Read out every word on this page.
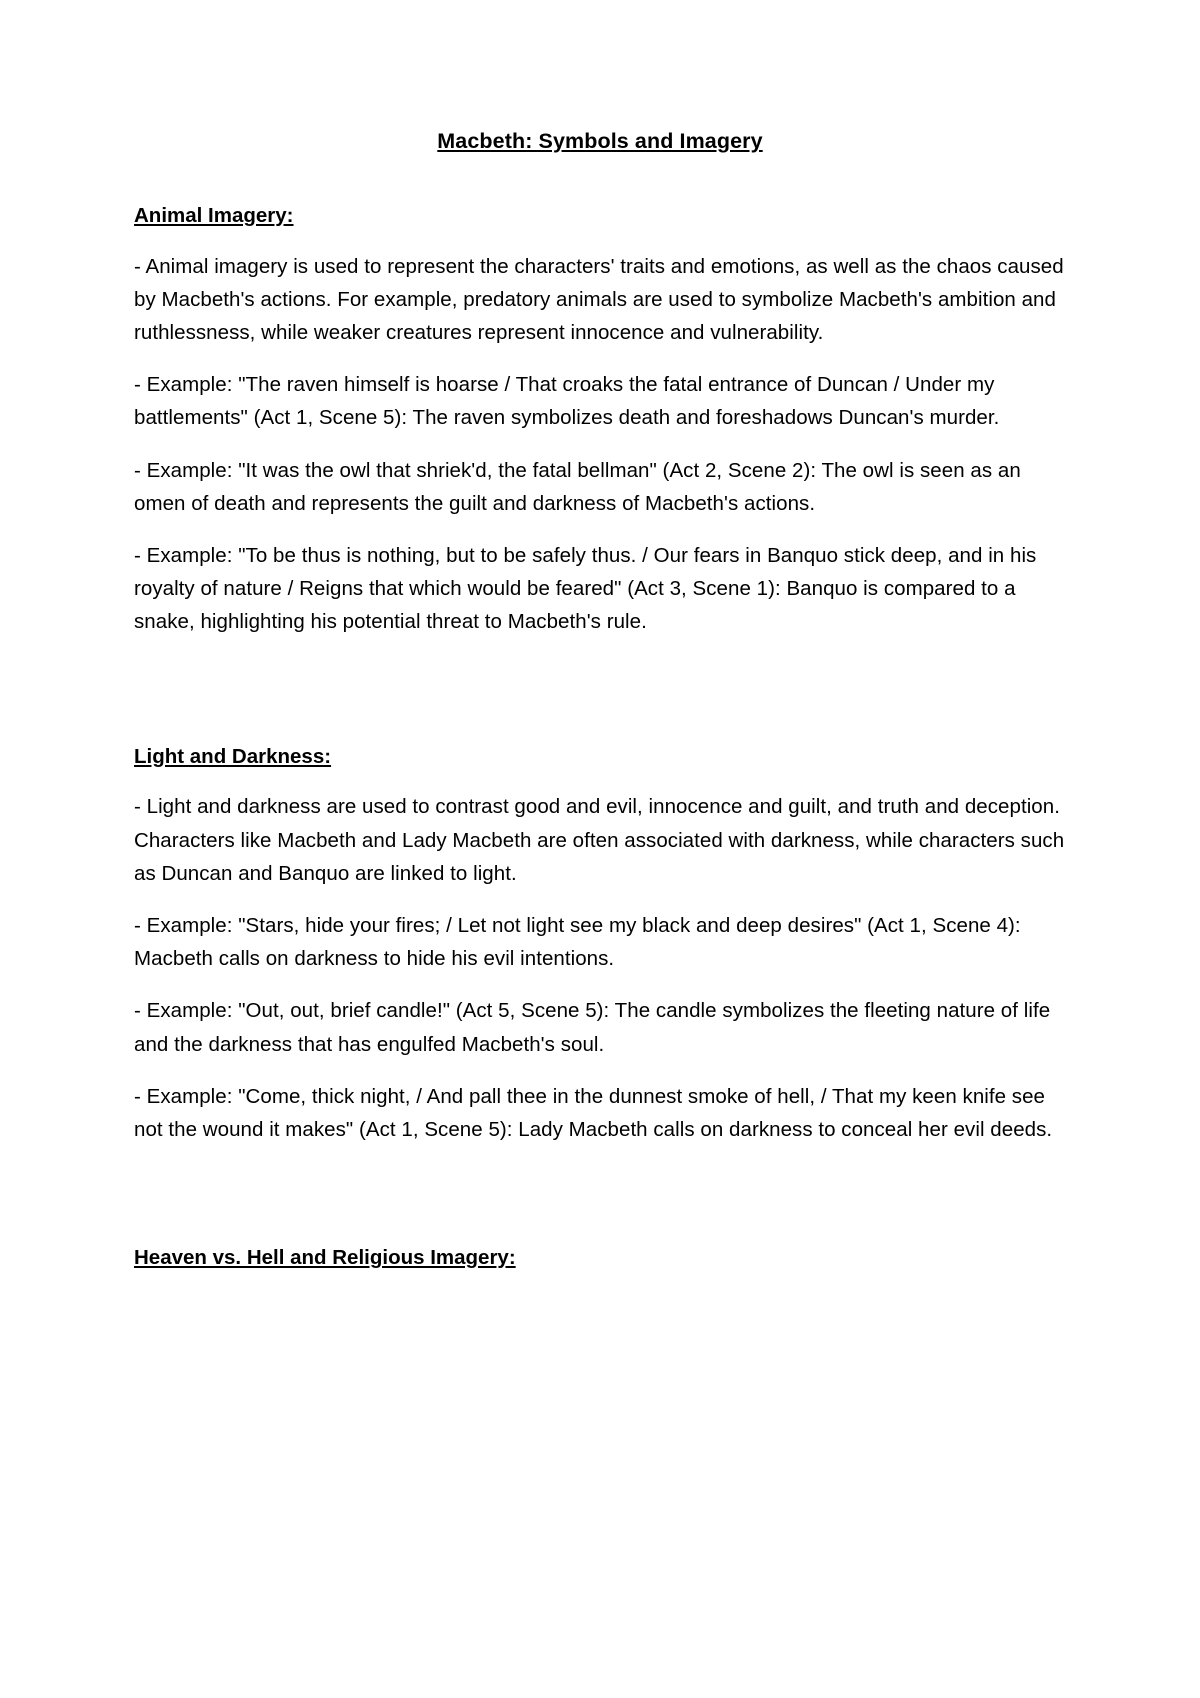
Macbeth: Symbols and Imagery
Animal Imagery:

- Animal imagery is used to represent the characters' traits and emotions, as well as the chaos caused by Macbeth's actions. For example, predatory animals are used to symbolize Macbeth's ambition and ruthlessness, while weaker creatures represent innocence and vulnerability.

- Example: "The raven himself is hoarse / That croaks the fatal entrance of Duncan / Under my battlements" (Act 1, Scene 5): The raven symbolizes death and foreshadows Duncan's murder.

- Example: "It was the owl that shriek'd, the fatal bellman" (Act 2, Scene 2): The owl is seen as an omen of death and represents the guilt and darkness of Macbeth's actions.

- Example: "To be thus is nothing, but to be safely thus. / Our fears in Banquo stick deep, and in his royalty of nature / Reigns that which would be feared" (Act 3, Scene 1): Banquo is compared to a snake, highlighting his potential threat to Macbeth's rule.

Light and Darkness:

- Light and darkness are used to contrast good and evil, innocence and guilt, and truth and deception. Characters like Macbeth and Lady Macbeth are often associated with darkness, while characters such as Duncan and Banquo are linked to light.

- Example: "Stars, hide your fires; / Let not light see my black and deep desires" (Act 1, Scene 4): Macbeth calls on darkness to hide his evil intentions.

- Example: "Out, out, brief candle!" (Act 5, Scene 5): The candle symbolizes the fleeting nature of life and the darkness that has engulfed Macbeth's soul.

- Example: "Come, thick night, / And pall thee in the dunnest smoke of hell, / That my keen knife see not the wound it makes" (Act 1, Scene 5): Lady Macbeth calls on darkness to conceal her evil deeds.

Heaven vs. Hell and Religious Imagery:
